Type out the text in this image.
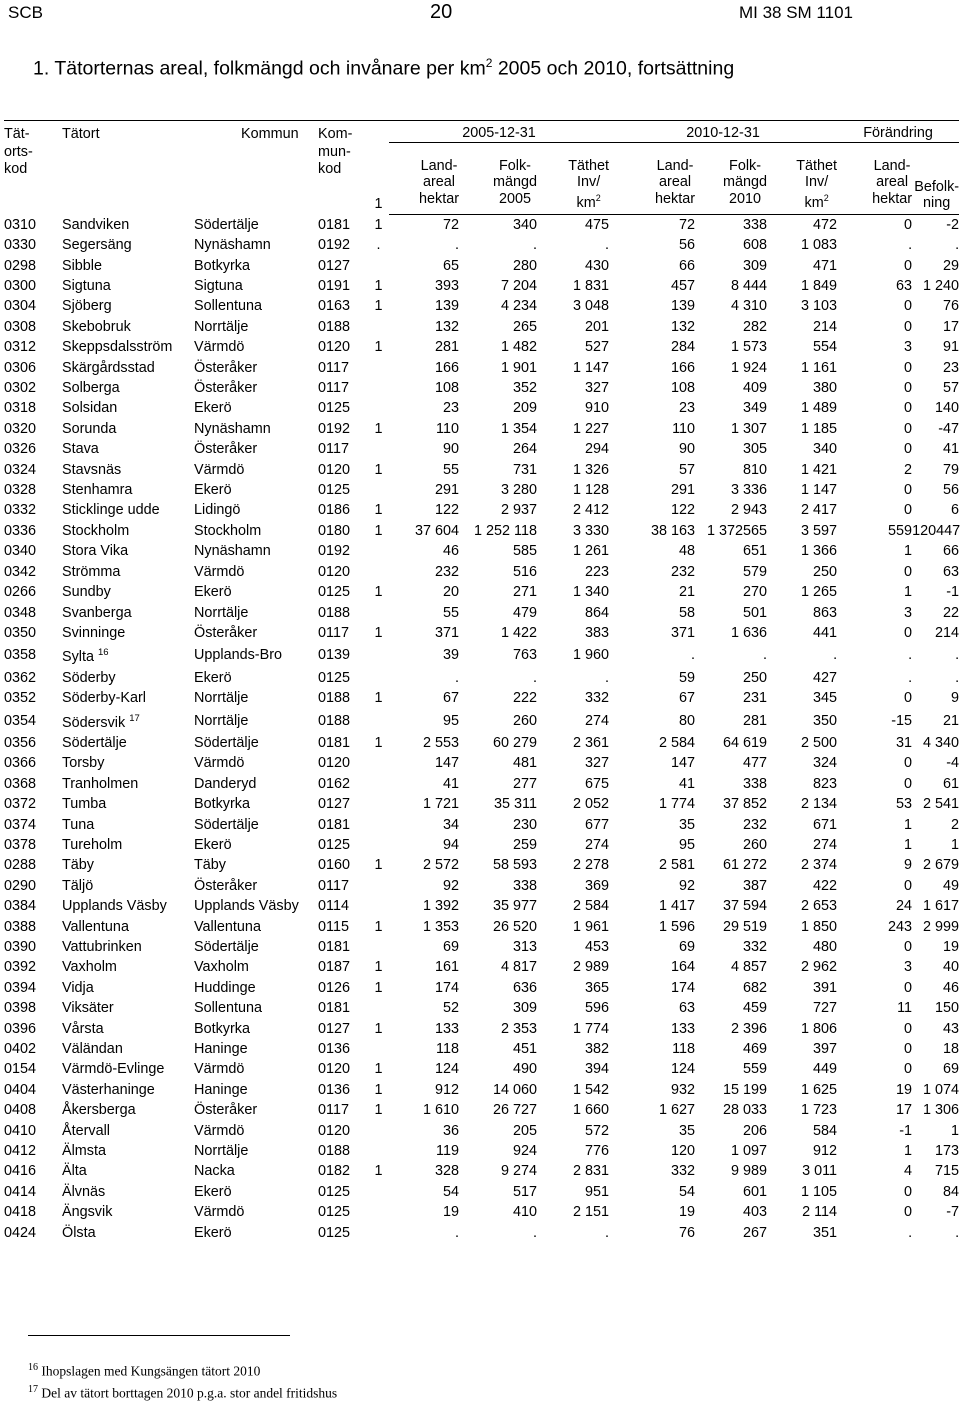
SCB	20	MI 38 SM 1101
1. Tätorternas areal, folkmängd och invånare per $km^2$ 2005 och 2010, fortsättning
Tät-
orts-
kod	Tätort	Kommun	Kom-
mun-
kod		2005-12-31			2010-12-31			Förändring	
				1	Land-
areal
hektar	Folk-
mängd
2005	Täthet
Inv/
$km^2$	Land-
areal
hektar	Folk-
mängd
2010	Täthet
Inv/
$km^2$	Land-
areal
hektar	Befolk-
ning
0310	Sandviken	Södertälje	0181	1	72	340	475	72	338	472	0	-2
0330	Segersäng	Nynäshamn	0192	.	.	.	.	56	608	1 083	.	.
0298	Sibble	Botkyrka	0127		65	280	430	66	309	471	0	29
0300	Sigtuna	Sigtuna	0191	1	393	7 204	1 831	457	8 444	1 849	63	1 240
0304	Sjöberg	Sollentuna	0163	1	139	4 234	3 048	139	4 310	3 103	0	76
0308	Skebobruk	Norrtälje	0188		132	265	201	132	282	214	0	17
0312	Skeppsdalsström	Värmdö	0120	1	281	1 482	527	284	1 573	554	3	91
0306	Skärgårdsstad	Österåker	0117		166	1 901	1 147	166	1 924	1 161	0	23
0302	Solberga	Österåker	0117		108	352	327	108	409	380	0	57
0318	Solsidan	Ekerö	0125		23	209	910	23	349	1 489	0	140
0320	Sorunda	Nynäshamn	0192	1	110	1 354	1 227	110	1 307	1 185	0	-47
0326	Stava	Österåker	0117		90	264	294	90	305	340	0	41
0324	Stavsnäs	Värmdö	0120	1	55	731	1 326	57	810	1 421	2	79
0328	Stenhamra	Ekerö	0125		291	3 280	1 128	291	3 336	1 147	0	56
0332	Sticklinge udde	Lidingö	0186	1	122	2 937	2 412	122	2 943	2 417	0	6
0336	Stockholm	Stockholm	0180	1	37 604	1 252 118	3 330	38 163	1 372565	3 597	559	120447
0340	Stora Vika	Nynäshamn	0192		46	585	1 261	48	651	1 366	1	66
0342	Strömma	Värmdö	0120		232	516	223	232	579	250	0	63
0266	Sundby	Ekerö	0125	1	20	271	1 340	21	270	1 265	1	-1
0348	Svanberga	Norrtälje	0188		55	479	864	58	501	863	3	22
0350	Svinninge	Österåker	0117	1	371	1 422	383	371	1 636	441	0	214
0358	Sylta $^{16}$	Upplands-Bro	0139		39	763	1 960	.	.	.	.	.
0362	Söderby	Ekerö	0125		.	.	.	59	250	427	.	.
0352	Söderby-Karl	Norrtälje	0188	1	67	222	332	67	231	345	0	9
0354	Södersvik $^{17}$	Norrtälje	0188		95	260	274	80	281	350	-15	21
0356	Södertälje	Södertälje	0181	1	2 553	60 279	2 361	2 584	64 619	2 500	31	4 340
0366	Torsby	Värmdö	0120		147	481	327	147	477	324	0	-4
0368	Tranholmen	Danderyd	0162		41	277	675	41	338	823	0	61
0372	Tumba	Botkyrka	0127		1 721	35 311	2 052	1 774	37 852	2 134	53	2 541
0374	Tuna	Södertälje	0181		34	230	677	35	232	671	1	2
0378	Tureholm	Ekerö	0125		94	259	274	95	260	274	1	1
0288	Täby	Täby	0160	1	2 572	58 593	2 278	2 581	61 272	2 374	9	2 679
0290	Täljö	Österåker	0117		92	338	369	92	387	422	0	49
0384	Upplands Väsby	Upplands Väsby	0114		1 392	35 977	2 584	1 417	37 594	2 653	24	1 617
0388	Vallentuna	Vallentuna	0115	1	1 353	26 520	1 961	1 596	29 519	1 850	243	2 999
0390	Vattubrinken	Södertälje	0181		69	313	453	69	332	480	0	19
0392	Vaxholm	Vaxholm	0187	1	161	4 817	2 989	164	4 857	2 962	3	40
0394	Vidja	Huddinge	0126	1	174	636	365	174	682	391	0	46
0398	Viksäter	Sollentuna	0181		52	309	596	63	459	727	11	150
0396	Vårsta	Botkyrka	0127	1	133	2 353	1 774	133	2 396	1 806	0	43
0402	Väländan	Haninge	0136		118	451	382	118	469	397	0	18
0154	Värmdö-Evlinge	Värmdö	0120	1	124	490	394	124	559	449	0	69
0404	Västerhaninge	Haninge	0136	1	912	14 060	1 542	932	15 199	1 625	19	1 074
0408	Åkersberga	Österåker	0117	1	1 610	26 727	1 660	1 627	28 033	1 723	17	1 306
0410	Återvall	Värmdö	0120		36	205	572	35	206	584	-1	1
0412	Älmsta	Norrtälje	0188		119	924	776	120	1 097	912	1	173
0416	Älta	Nacka	0182	1	328	9 274	2 831	332	9 989	3 011	4	715
0414	Älvnäs	Ekerö	0125		54	517	951	54	601	1 105	0	84
0418	Ängsvik	Värmdö	0125		19	410	2 151	19	403	2 114	0	-7
0424	Ölsta	Ekerö	0125		.	.	.	76	267	351	.	.
$^{16}$ Ihopslagen med Kungsängen tätort 2010
$^{17}$ Del av tätort borttagen 2010 p.g.a. stor andel fritidshus
